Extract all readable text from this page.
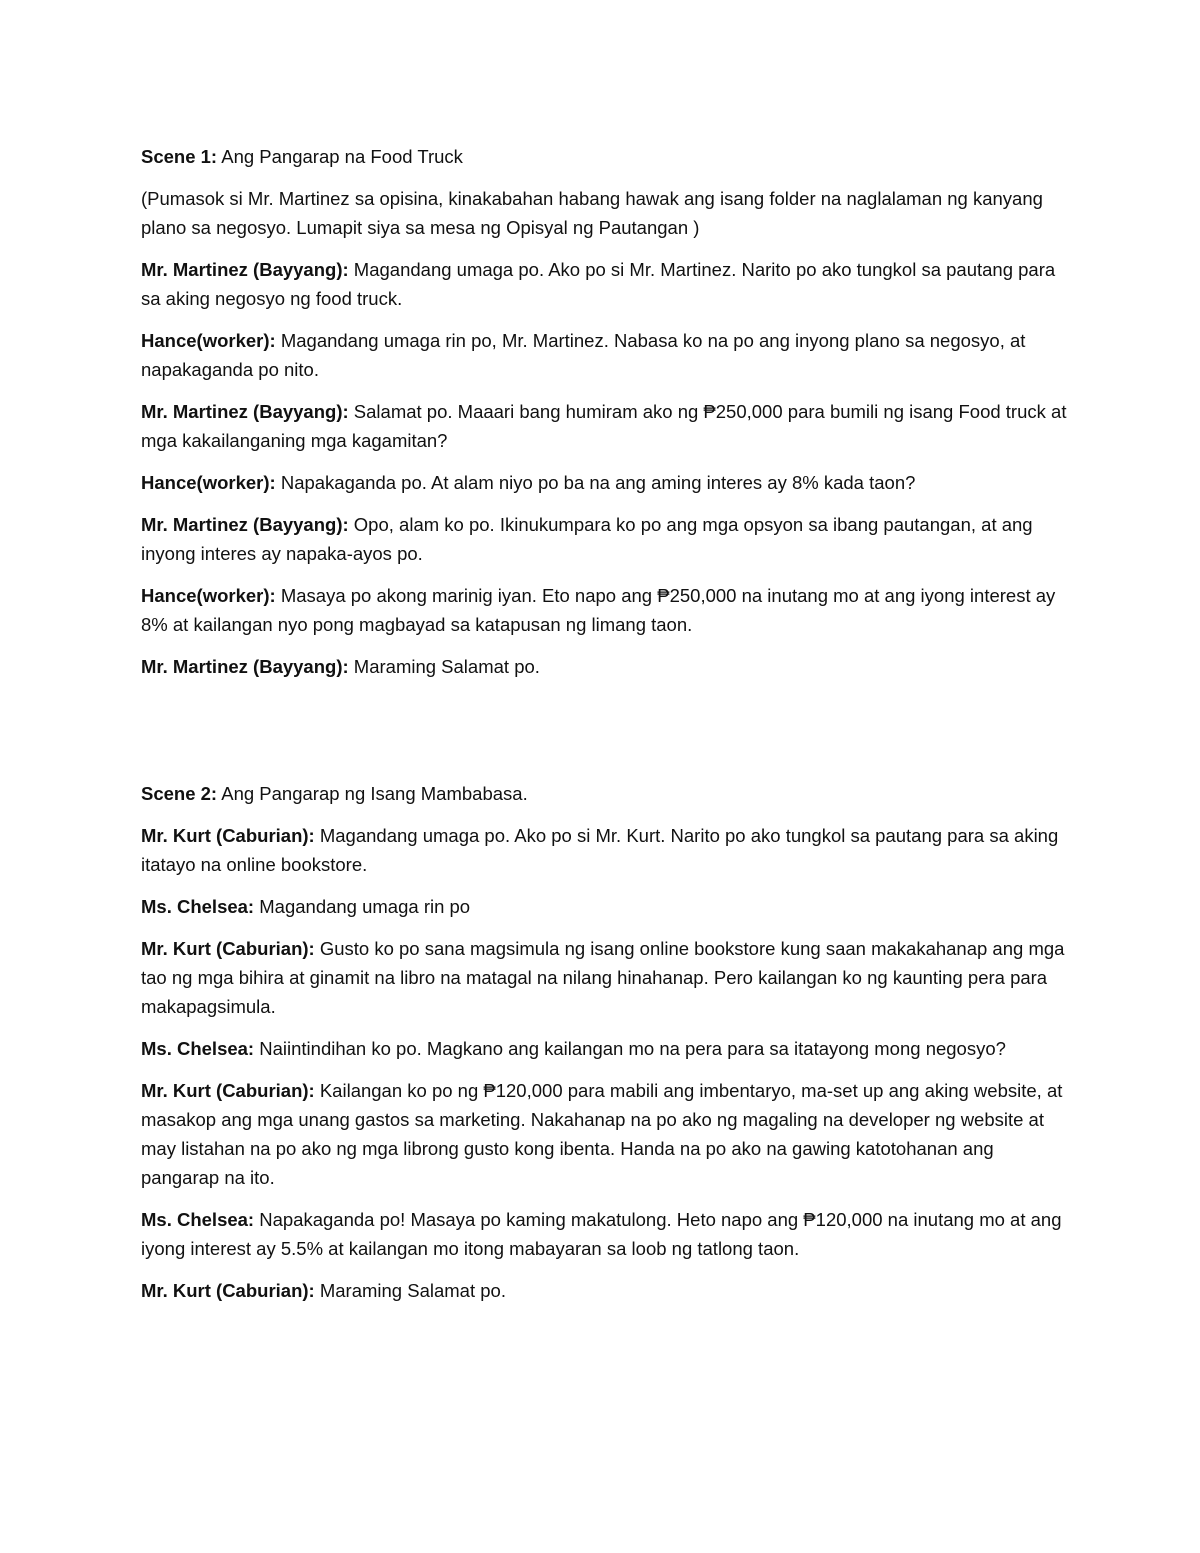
Scene 1: Ang Pangarap na Food Truck

(Pumasok si Mr. Martinez sa opisina, kinakabahan habang hawak ang isang folder na naglalaman ng kanyang plano sa negosyo. Lumapit siya sa mesa ng Opisyal ng Pautangan )

Mr. Martinez (Bayyang): Magandang umaga po. Ako po si Mr. Martinez. Narito po ako tungkol sa pautang para sa aking negosyo ng food truck.

Hance(worker): Magandang umaga rin po, Mr. Martinez. Nabasa ko na po ang inyong plano sa negosyo, at napakaganda po nito.

Mr. Martinez (Bayyang): Salamat po. Maaari bang humiram ako ng ₱250,000 para bumili ng isang Food truck at mga kakailanganing mga kagamitan?

Hance(worker): Napakaganda po. At alam niyo po ba na ang aming interes ay 8% kada taon?

Mr. Martinez (Bayyang): Opo, alam ko po. Ikinukumpara ko po ang mga opsyon sa ibang pautangan, at ang inyong interes ay napaka-ayos po.

Hance(worker): Masaya po akong marinig iyan. Eto napo ang ₱250,000 na inutang mo at ang iyong interest ay 8% at kailangan nyo pong magbayad sa katapusan ng limang taon.

Mr. Martinez (Bayyang): Maraming Salamat po.

Scene 2: Ang Pangarap ng Isang Mambabasa.

Mr. Kurt (Caburian): Magandang umaga po. Ako po si Mr. Kurt. Narito po ako tungkol sa pautang para sa aking itatayo na online bookstore.

Ms. Chelsea: Magandang umaga rin po

Mr. Kurt (Caburian): Gusto ko po sana magsimula ng isang online bookstore kung saan makakahanap ang mga tao ng mga bihira at ginamit na libro na matagal na nilang hinahanap. Pero kailangan ko ng kaunting pera para makapagsimula.

Ms. Chelsea: Naiintindihan ko po. Magkano ang kailangan mo na pera para sa itatayong mong negosyo?

Mr. Kurt (Caburian): Kailangan ko po ng ₱120,000 para mabili ang imbentaryo, ma-set up ang aking website, at masakop ang mga unang gastos sa marketing. Nakahanap na po ako ng magaling na developer ng website at may listahan na po ako ng mga librong gusto kong ibenta. Handa na po ako na gawing katotohanan ang pangarap na ito.

Ms. Chelsea: Napakaganda po! Masaya po kaming makatulong. Heto napo ang ₱120,000 na inutang mo at ang iyong interest ay 5.5% at kailangan mo itong mabayaran sa loob ng tatlong taon.

Mr. Kurt (Caburian): Maraming Salamat po.
